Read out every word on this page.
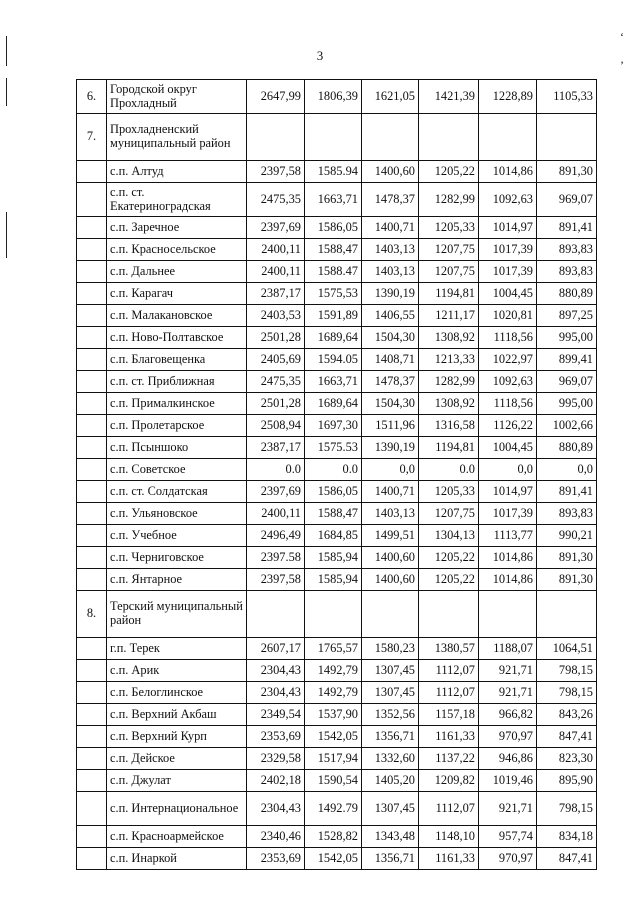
3
‘
’
6.	Городской округ Прохладный	2647,99	1806,39	1621,05	1421,39	1228,89	1105,33
7.	Прохладненский муниципальный район						
	с.п. Алтуд	2397,58	1585.94	1400,60	1205,22	1014,86	891,30
	с.п. ст. Екатериноградская	2475,35	1663,71	1478,37	1282,99	1092,63	969,07
	с.п. Заречное	2397,69	1586,05	1400,71	1205,33	1014,97	891,41
	с.п. Красносельское	2400,11	1588,47	1403,13	1207,75	1017,39	893,83
	с.п. Дальнее	2400,11	1588.47	1403,13	1207,75	1017,39	893,83
	с.п. Карагач	2387,17	1575,53	1390,19	1194,81	1004,45	880,89
	с.п. Малакановское	2403,53	1591,89	1406,55	1211,17	1020,81	897,25
	с.п. Ново-Полтавское	2501,28	1689,64	1504,30	1308,92	1118,56	995,00
	с.п. Благовещенка	2405,69	1594.05	1408,71	1213,33	1022,97	899,41
	с.п. ст. Приближная	2475,35	1663,71	1478,37	1282,99	1092,63	969,07
	с.п. Прималкинское	2501,28	1689,64	1504,30	1308,92	1118,56	995,00
	с.п. Пролетарское	2508,94	1697,30	1511,96	1316,58	1126,22	1002,66
	с.п. Псыншоко	2387,17	1575.53	1390,19	1194,81	1004,45	880,89
	с.п. Советское	0.0	0.0	0,0	0.0	0,0	0,0
	с.п. ст. Солдатская	2397,69	1586,05	1400,71	1205,33	1014,97	891,41
	с.п. Ульяновское	2400,11	1588,47	1403,13	1207,75	1017,39	893,83
	с.п. Учебное	2496,49	1684,85	1499,51	1304,13	1113,77	990,21
	с.п. Черниговское	2397.58	1585,94	1400,60	1205,22	1014,86	891,30
	с.п. Янтарное	2397,58	1585,94	1400,60	1205,22	1014,86	891,30
8.	Терский муниципальный район						
	г.п. Терек	2607,17	1765,57	1580,23	1380,57	1188,07	1064,51
	с.п. Арик	2304,43	1492,79	1307,45	1112,07	921,71	798,15
	с.п. Белоглинское	2304,43	1492,79	1307,45	1112,07	921,71	798,15
	с.п. Верхний Акбаш	2349,54	1537,90	1352,56	1157,18	966,82	843,26
	с.п. Верхний Курп	2353,69	1542,05	1356,71	1161,33	970,97	847,41
	с.п. Дейское	2329,58	1517,94	1332,60	1137,22	946,86	823,30
	с.п. Джулат	2402,18	1590,54	1405,20	1209,82	1019,46	895,90
	с.п. Интернациональное	2304,43	1492.79	1307,45	1112,07	921,71	798,15
	с.п. Красноармейское	2340,46	1528,82	1343,48	1148,10	957,74	834,18
	с.п. Инаркой	2353,69	1542,05	1356,71	1161,33	970,97	847,41
